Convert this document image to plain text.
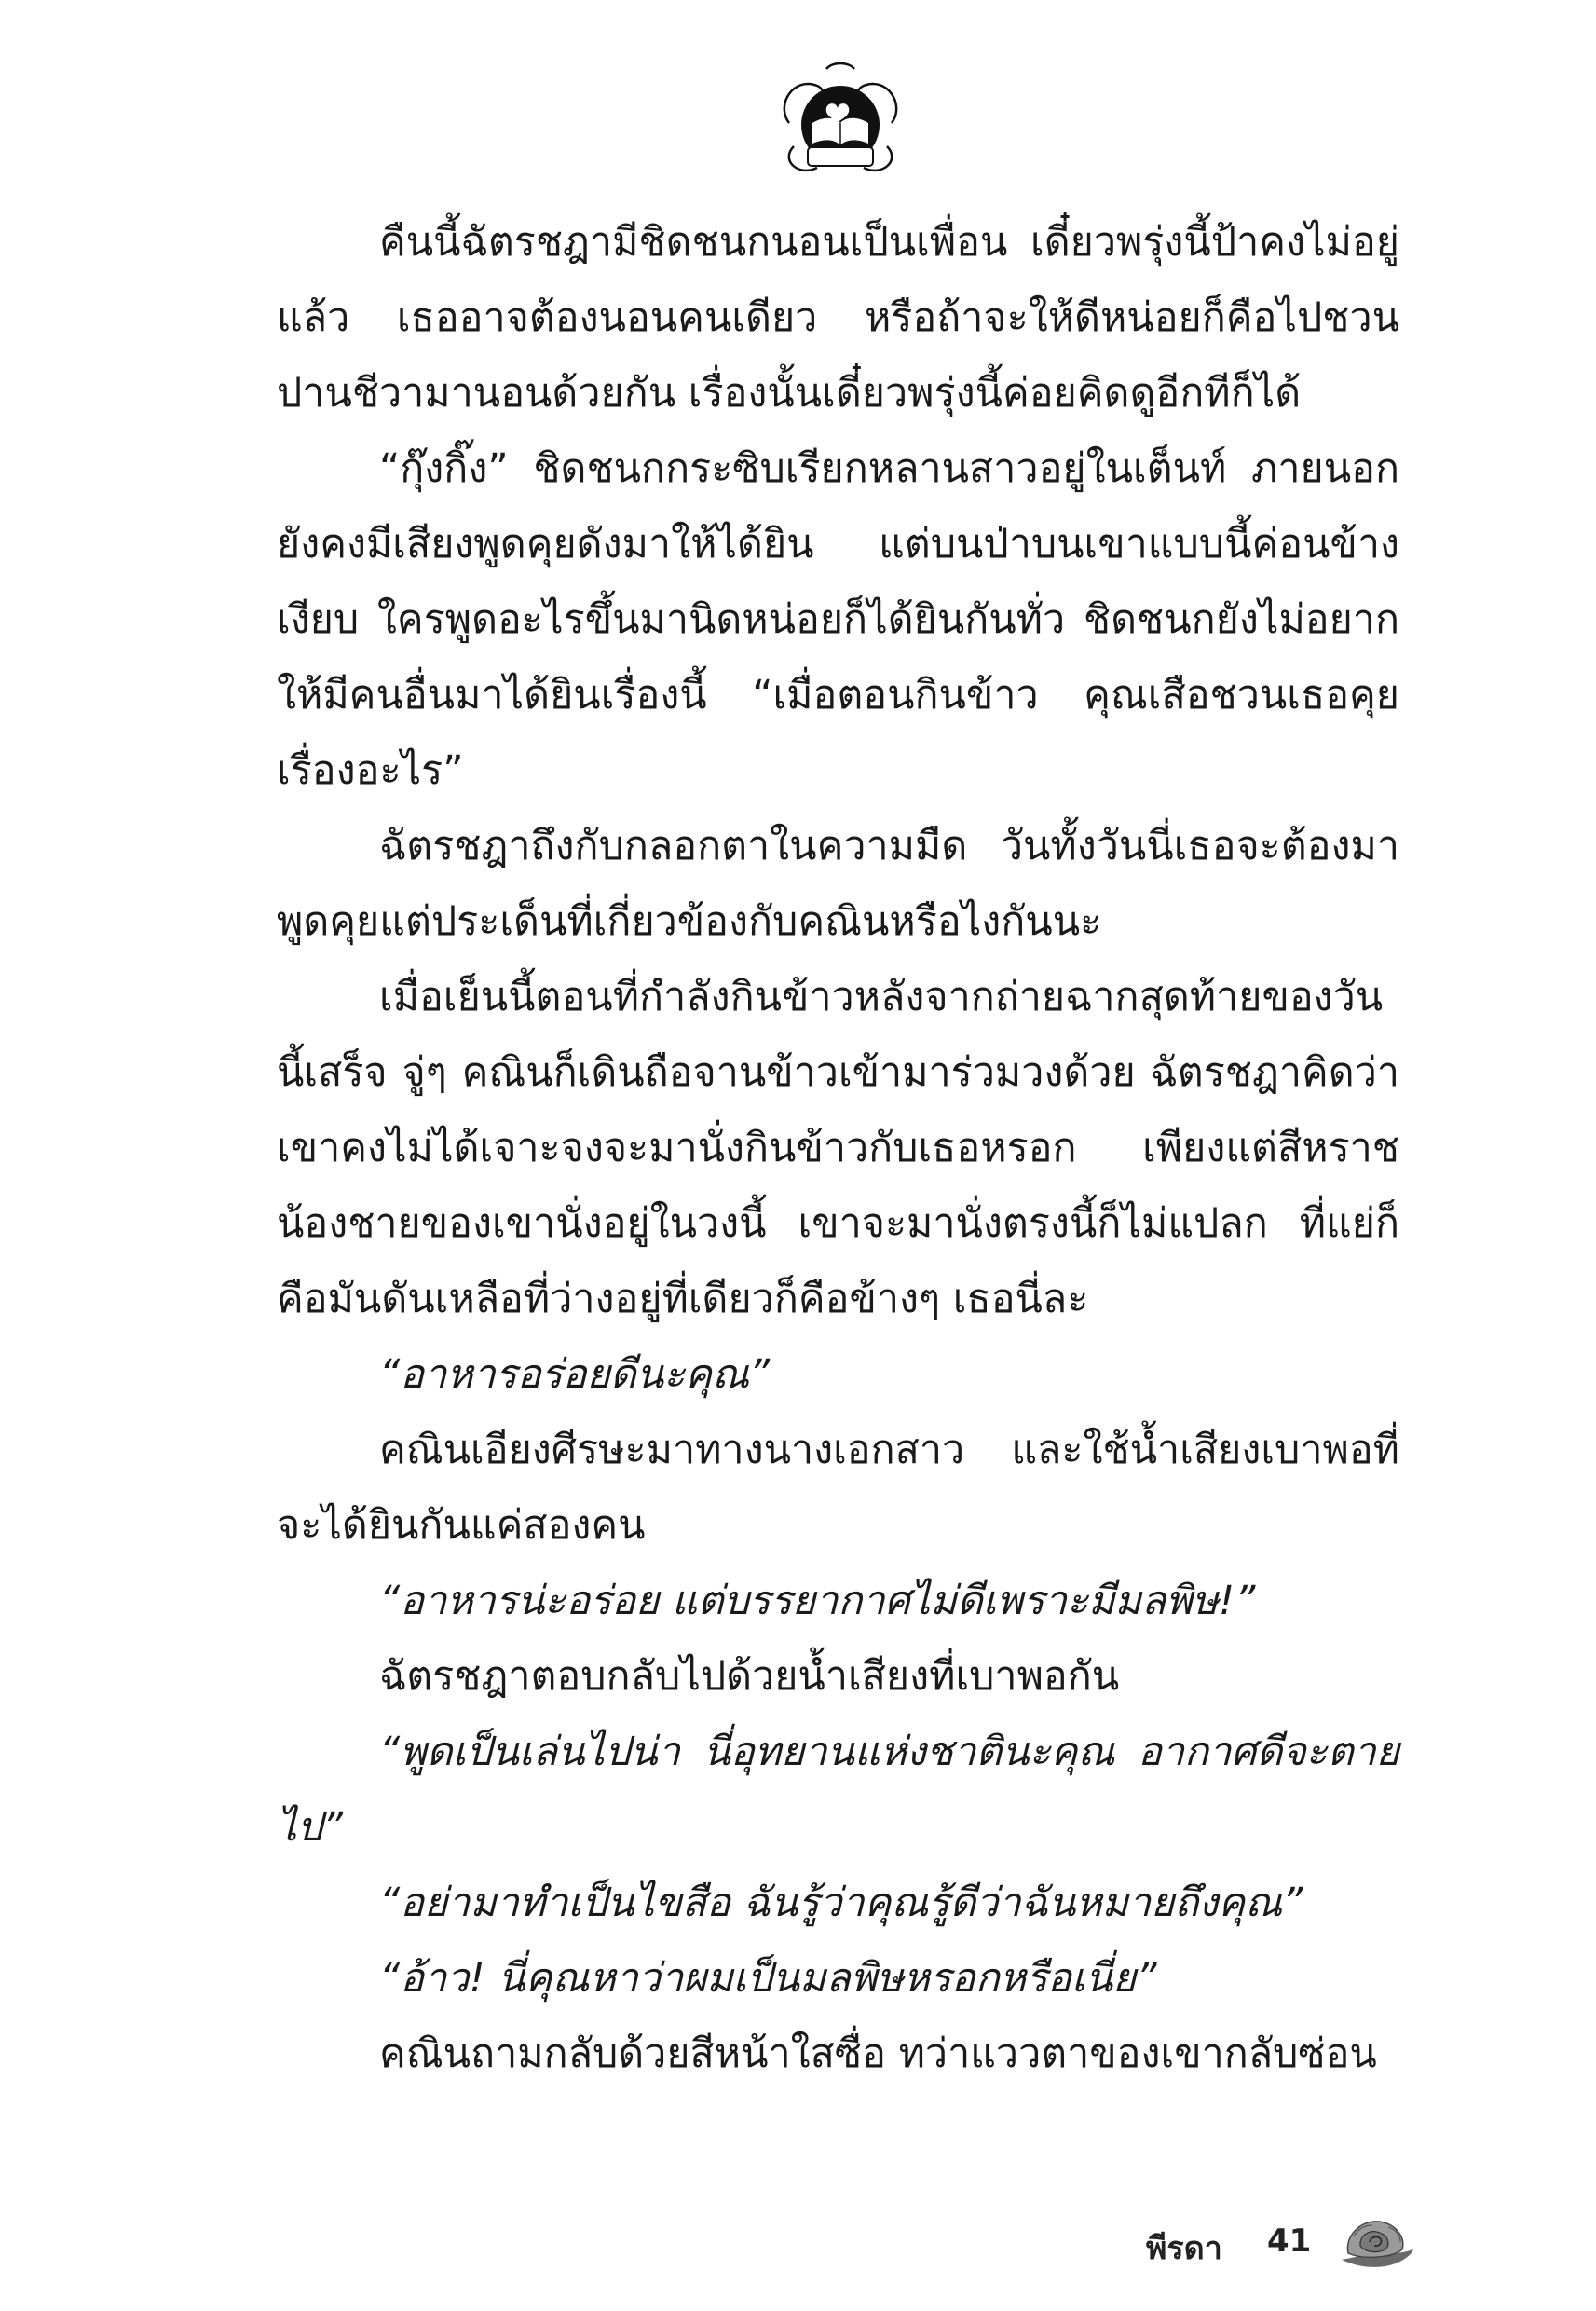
คืนนี้ฉัตรชฎามีชิดชนกนอนเป็นเพื่อน เดี๋ยวพรุ่งนี้ป้าคงไม่อยู่แล้ว เธออาจต้องนอนคนเดียว หรือถ้าจะให้ดีหน่อยก็คือไปชวนปานชีวามานอนด้วยกัน เรื่องนั้นเดี๋ยวพรุ่งนี้ค่อยคิดดูอีกทีก็ได้

“กุ๊งกิ๊ง” ชิดชนกกระซิบเรียกหลานสาวอยู่ในเต็นท์ ภายนอกยังคงมีเสียงพูดคุยดังมาให้ได้ยิน แต่บนป่าบนเขาแบบนี้ค่อนข้างเงียบ ใครพูดอะไรขึ้นมานิดหน่อยก็ได้ยินกันทั่ว ชิดชนกยังไม่อยากให้มีคนอื่นมาได้ยินเรื่องนี้ “เมื่อตอนกินข้าว คุณเสือชวนเธอคุยเรื่องอะไร”

ฉัตรชฎาถึงกับกลอกตาในความมืด วันทั้งวันนี่เธอจะต้องมาพูดคุยแต่ประเด็นที่เกี่ยวข้องกับคณินหรือไงกันนะ

เมื่อเย็นนี้ตอนที่กำลังกินข้าวหลังจากถ่ายฉากสุดท้ายของวันนี้เสร็จ จู่ๆ คณินก็เดินถือจานข้าวเข้ามาร่วมวงด้วย ฉัตรชฎาคิดว่าเขาคงไม่ได้เจาะจงจะมานั่งกินข้าวกับเธอหรอก เพียงแต่สีหราชน้องชายของเขานั่งอยู่ในวงนี้ เขาจะมานั่งตรงนี้ก็ไม่แปลก ที่แย่ก็คือมันดันเหลือที่ว่างอยู่ที่เดียวก็คือข้างๆ เธอนี่ละ

“อาหารอร่อยดีนะคุณ”

คณินเอียงศีรษะมาทางนางเอกสาว และใช้น้ำเสียงเบาพอที่จะได้ยินกันแค่สองคน

“อาหารน่ะอร่อย แต่บรรยากาศไม่ดีเพราะมีมลพิษ!”

ฉัตรชฎาตอบกลับไปด้วยน้ำเสียงที่เบาพอกัน

“พูดเป็นเล่นไปน่า นี่อุทยานแห่งชาตินะคุณ อากาศดีจะตายไป”

“อย่ามาทำเป็นไขสือ ฉันรู้ว่าคุณรู้ดีว่าฉันหมายถึงคุณ”

“อ้าว! นี่คุณหาว่าผมเป็นมลพิษหรอกหรือเนี่ย”

คณินถามกลับด้วยสีหน้าใสซื่อ ทว่าแววตาของเขากลับซ่อน

พีรดา 41
